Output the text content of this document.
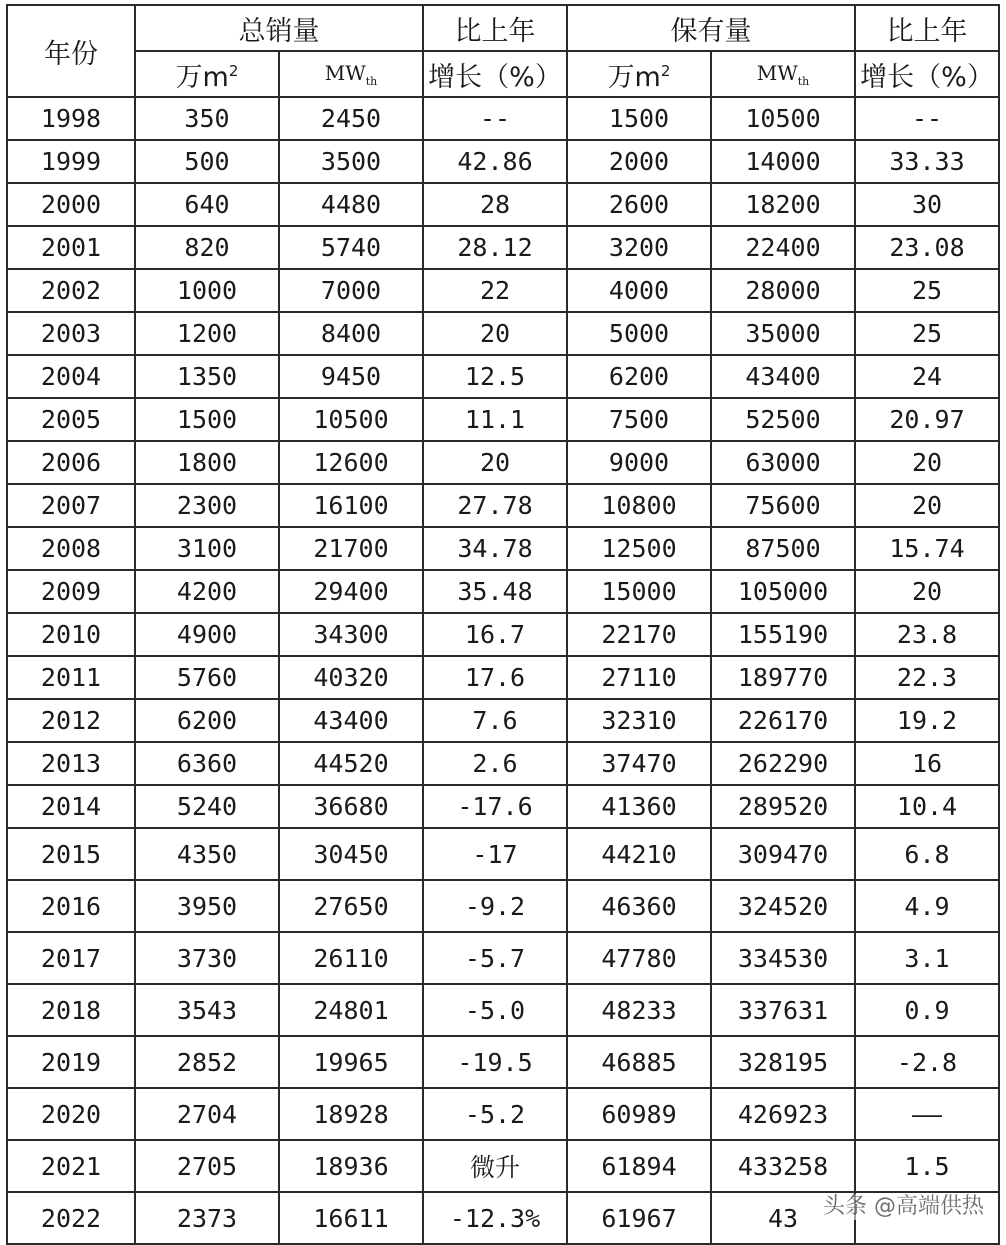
年份	总销量		比上年	保有量		比上年
	万$m^2$	$MW_{th}$	增长（%）	万$m^2$	$MW_{th}$	增长（%）
1998	350	2450	--	1500	10500	--
1999	500	3500	42.86	2000	14000	33.33
2000	640	4480	28	2600	18200	30
2001	820	5740	28.12	3200	22400	23.08
2002	1000	7000	22	4000	28000	25
2003	1200	8400	20	5000	35000	25
2004	1350	9450	12.5	6200	43400	24
2005	1500	10500	11.1	7500	52500	20.97
2006	1800	12600	20	9000	63000	20
2007	2300	16100	27.78	10800	75600	20
2008	3100	21700	34.78	12500	87500	15.74
2009	4200	29400	35.48	15000	105000	20
2010	4900	34300	16.7	22170	155190	23.8
2011	5760	40320	17.6	27110	189770	22.3
2012	6200	43400	7.6	32310	226170	19.2
2013	6360	44520	2.6	37470	262290	16
2014	5240	36680	-17.6	41360	289520	10.4
2015	4350	30450	-17	44210	309470	6.8
2016	3950	27650	-9.2	46360	324520	4.9
2017	3730	26110	-5.7	47780	334530	3.1
2018	3543	24801	-5.0	48233	337631	0.9
2019	2852	19965	-19.5	46885	328195	-2.8
2020	2704	18928	-5.2	60989	426923	——
2021	2705	18936	微升	61894	433258	1.5
2022	2373	16611	-12.3%	61967	43	头条 @高端供热
